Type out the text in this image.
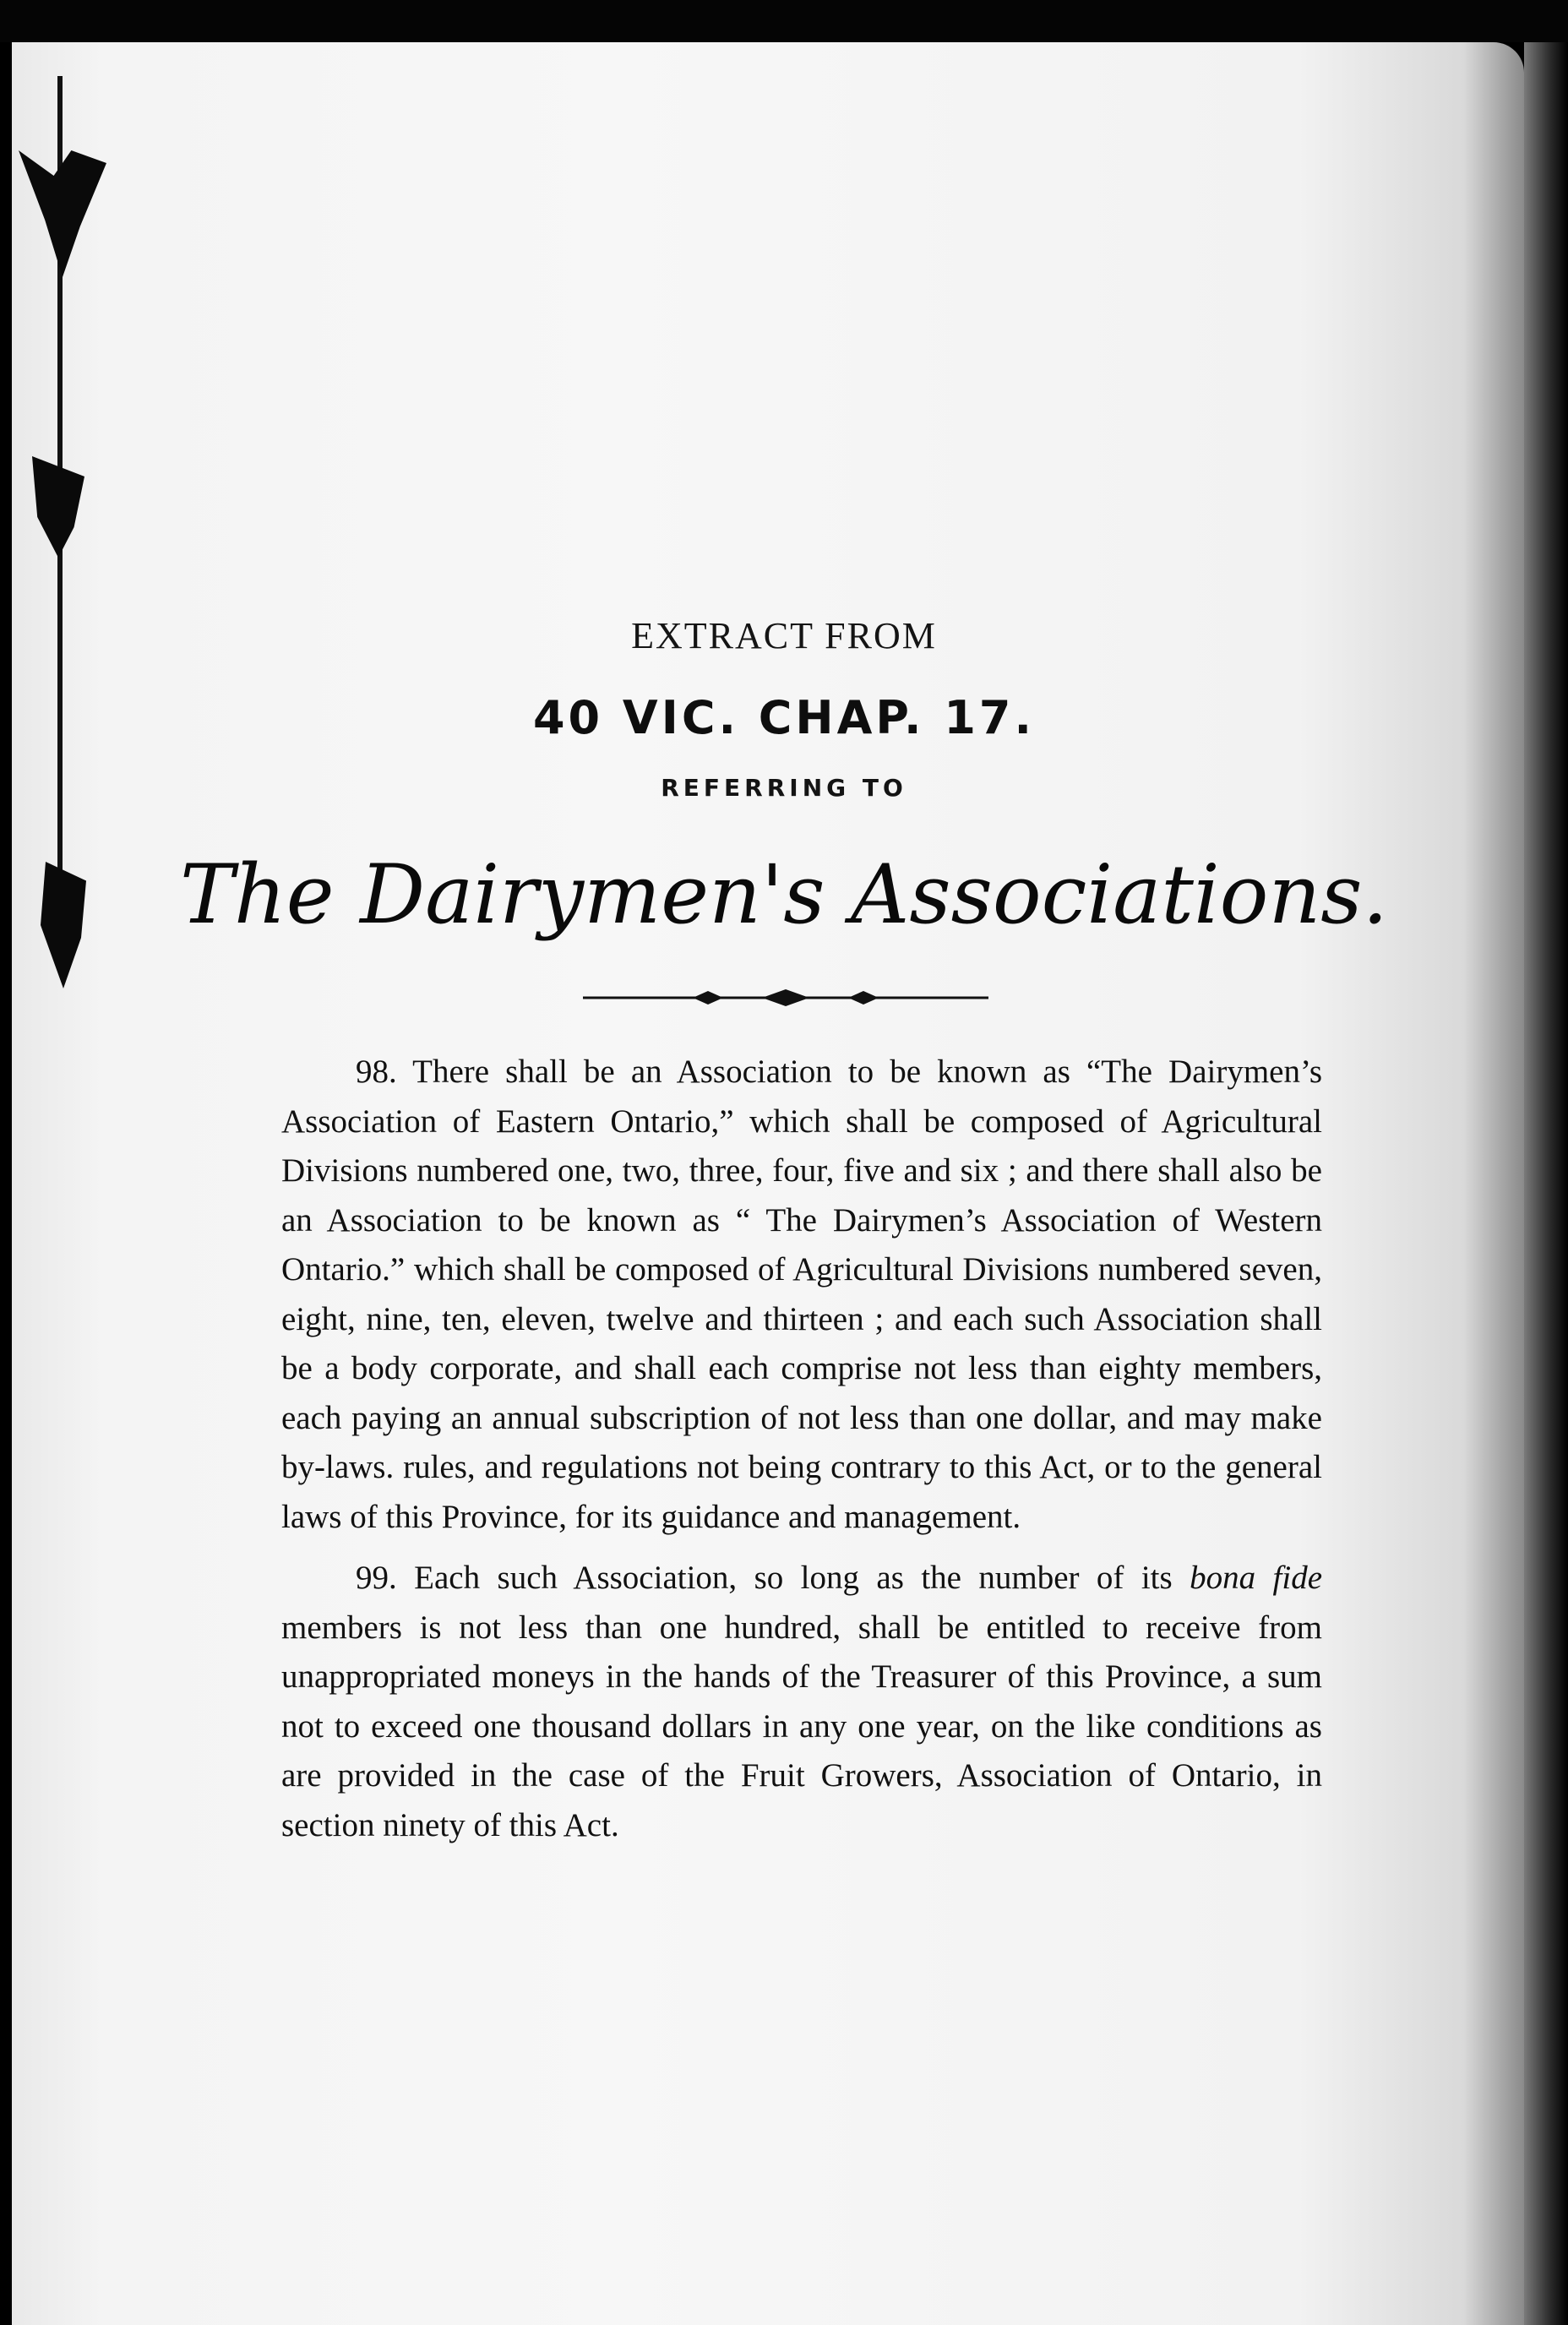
EXTRACT FROM
40 VIC. CHAP. 17.
REFERRING TO
The Dairymen's Associations.

98. There shall be an Association to be known as “The Dairymen’s Association of Eastern Ontario,” which shall be composed of Agricultural Divisions numbered one, two, three, four, five and six ; and there shall also be an Association to be known as “ The Dairymen’s Association of Western Ontario.” which shall be composed of Agricultural Divisions numbered seven, eight, nine, ten, eleven, twelve and thirteen ; and each such Association shall be a body corporate, and shall each comprise not less than eighty members, each paying an annual subscription of not less than one dollar, and may make by-laws. rules, and regulations not being contrary to this Act, or to the general laws of this Province, for its guidance and management.

99. Each such Association, so long as the number of its bona fide members is not less than one hundred, shall be entitled to receive from unappropriated moneys in the hands of the Treasurer of this Province, a sum not to exceed one thousand dollars in any one year, on the like conditions as are provided in the case of the Fruit Growers, Association of Ontario, in section ninety of this Act.
